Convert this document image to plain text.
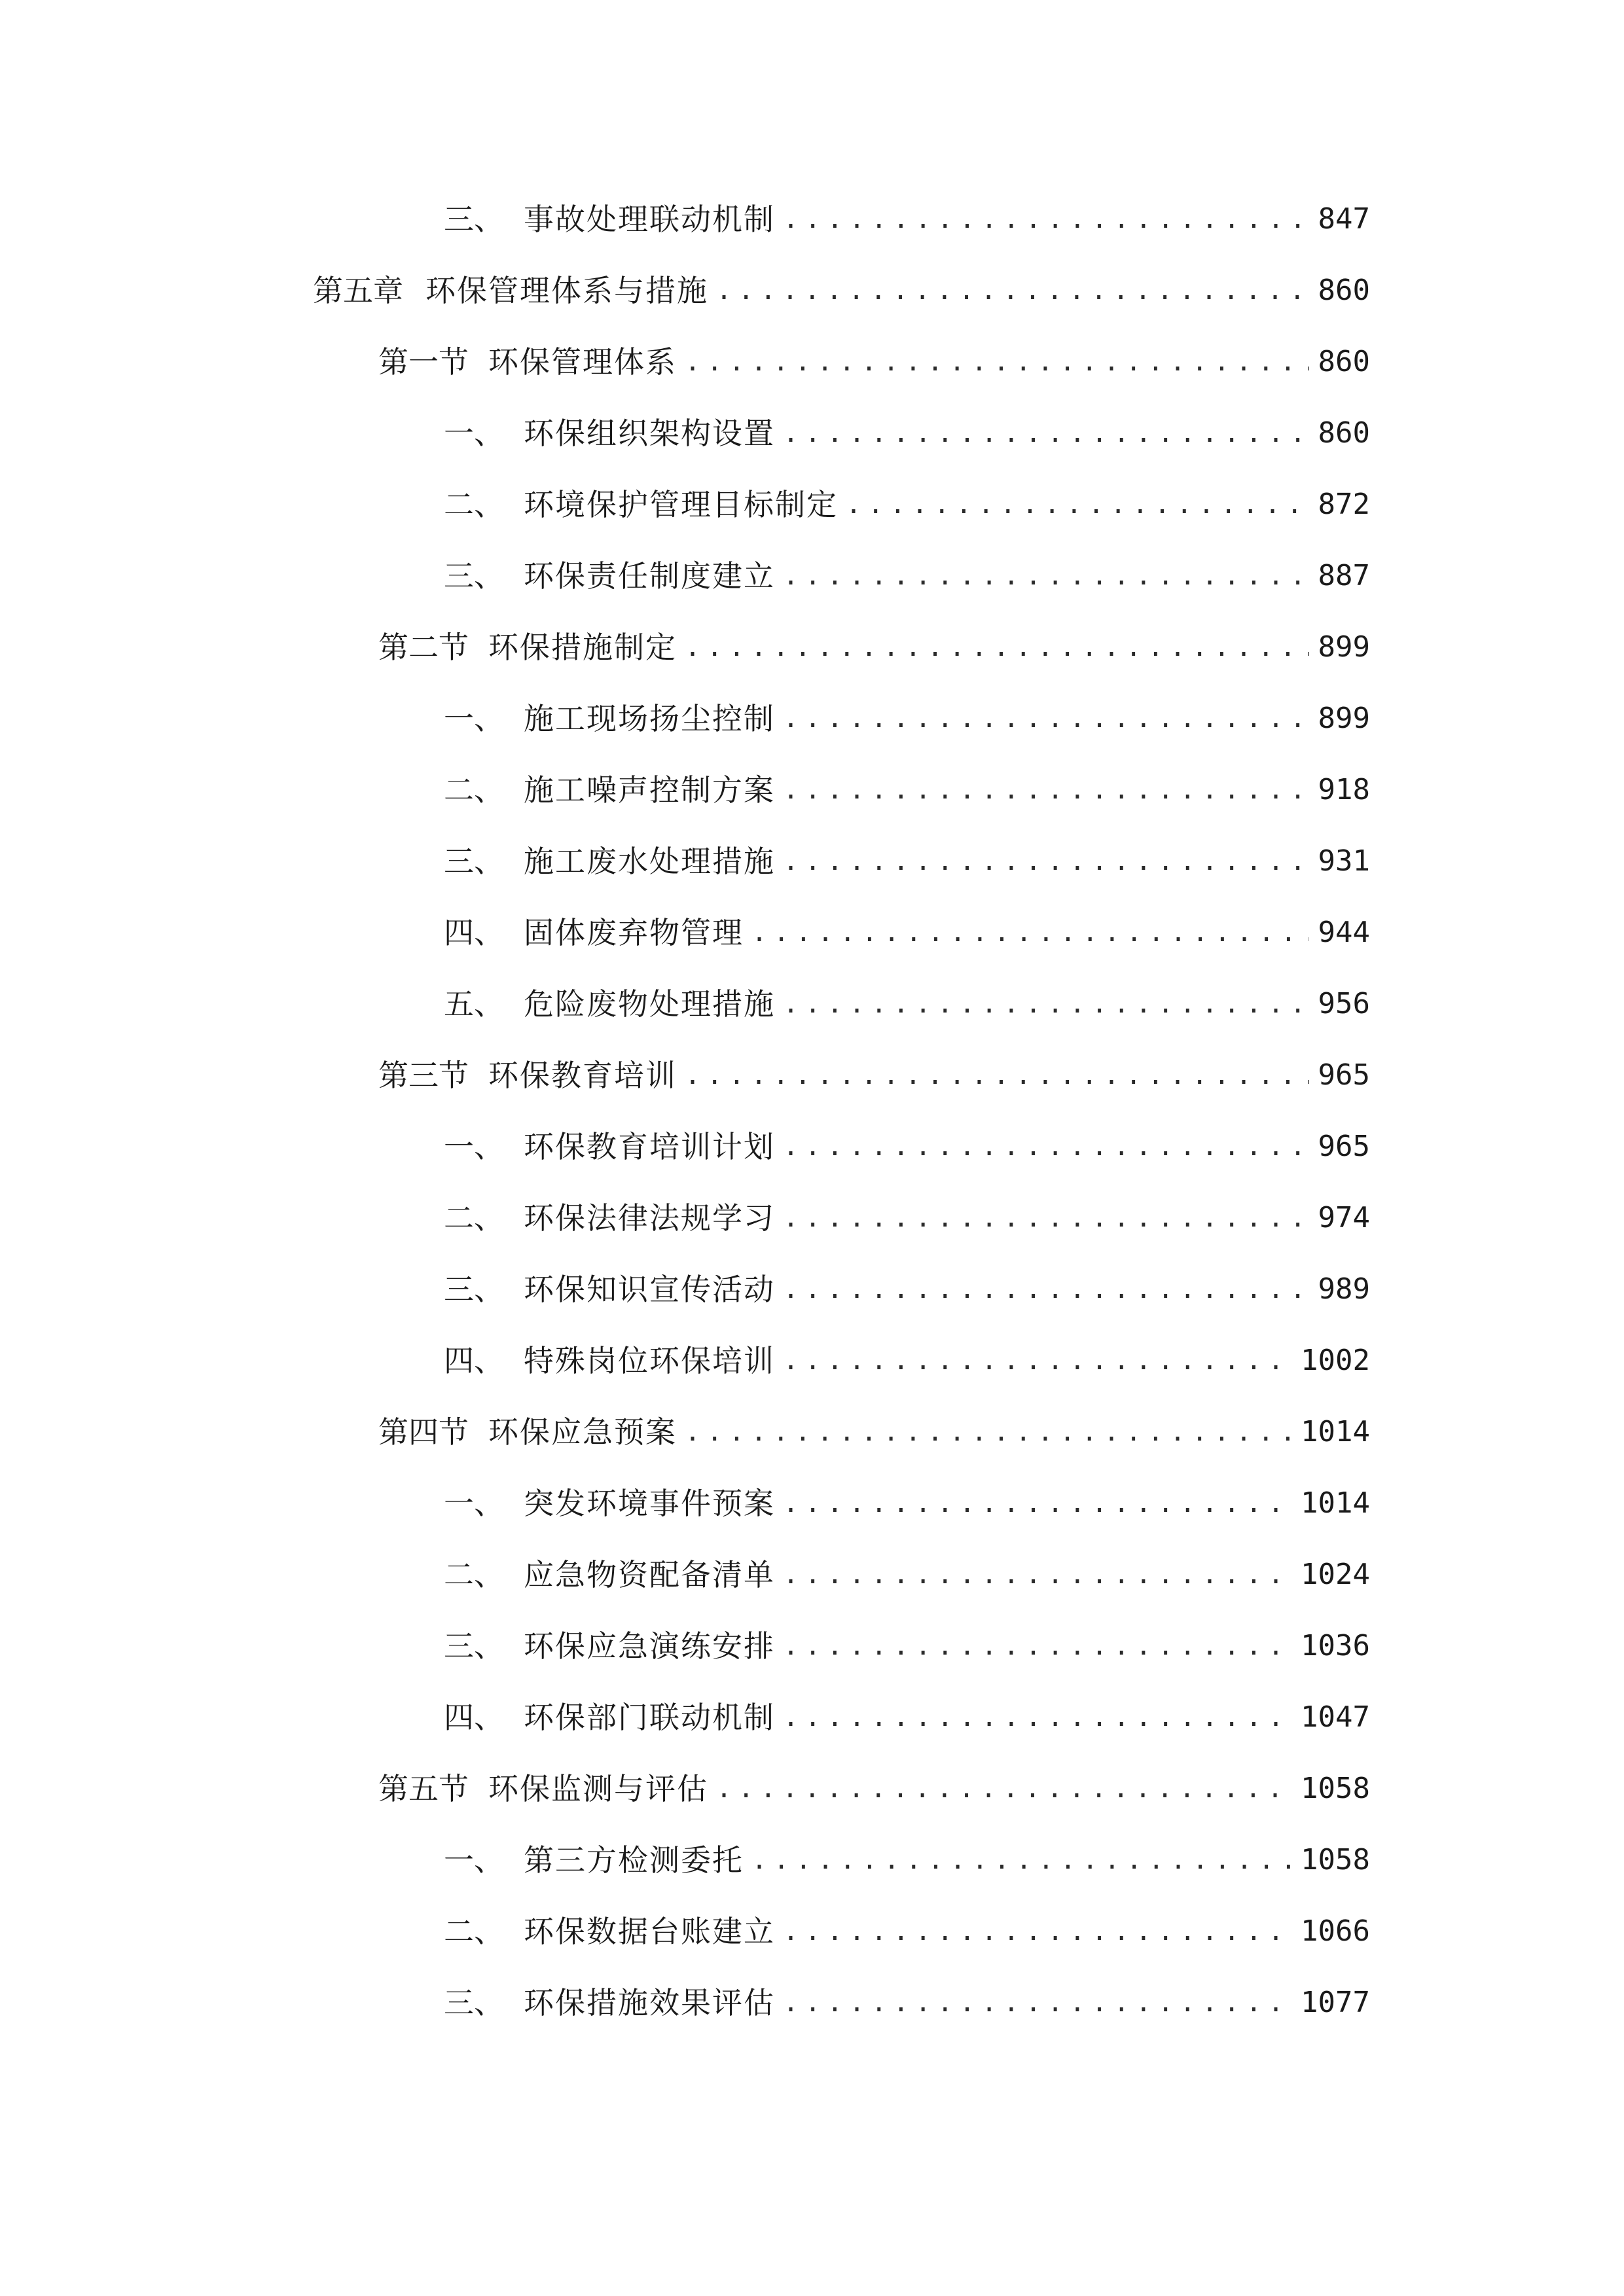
三、 事故处理联动机制 .....	847
第五章 环保管理体系与措施 .....	860
第一节 环保管理体系 .....	860
一、 环保组织架构设置 .....	860
二、 环境保护管理目标制定 .....	872
三、 环保责任制度建立 .....	887
第二节 环保措施制定 .....	899
一、 施工现场扬尘控制 .....	899
二、 施工噪声控制方案 .....	918
三、 施工废水处理措施 .....	931
四、 固体废弃物管理 .....	944
五、 危险废物处理措施 .....	956
第三节 环保教育培训 .....	965
一、 环保教育培训计划 .....	965
二、 环保法律法规学习 .....	974
三、 环保知识宣传活动 .....	989
四、 特殊岗位环保培训 .....	1002
第四节 环保应急预案 .....	1014
一、 突发环境事件预案 .....	1014
二、 应急物资配备清单 .....	1024
三、 环保应急演练安排 .....	1036
四、 环保部门联动机制 .....	1047
第五节 环保监测与评估 .....	1058
一、 第三方检测委托 .....	1058
二、 环保数据台账建立 .....	1066
三、 环保措施效果评估 .....	1077
